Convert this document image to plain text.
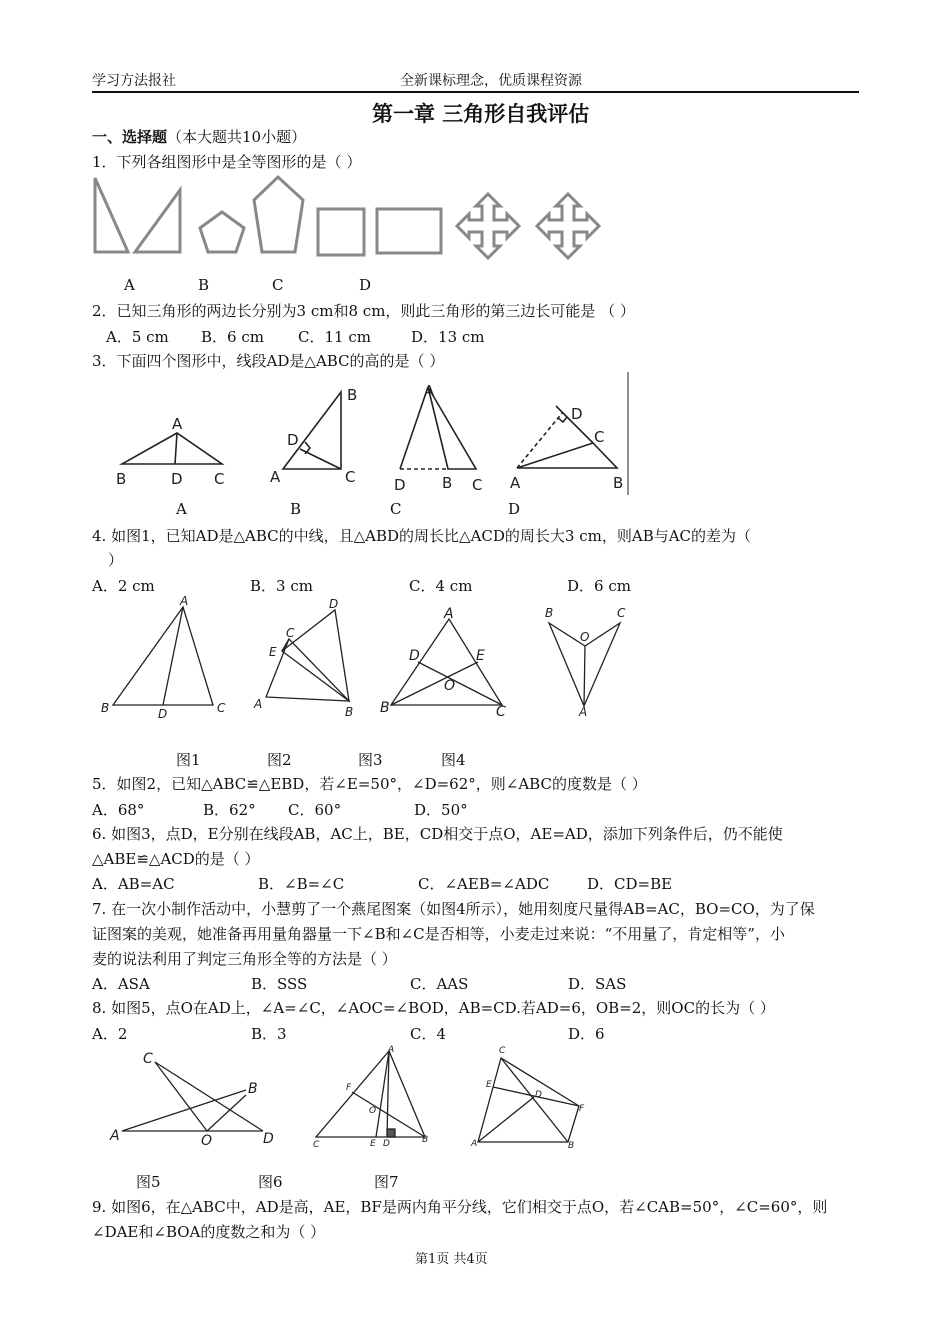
学习方法报社	全新课标理念，优质课程资源
第一章 三角形自我评估
一、选择题（本大题共10小题）
1．下列各组图形中是全等图形的是（ ）
A	B	C	D
2．已知三角形的两边长分别为3 cm和8 cm，则此三角形的第三边长可能是 （ ）
A．5 cm B．6 cm C．11 cm	D．13 cm
3．下面四个图形中，线段AD是△ABC的高的是（ ）
A
B	D C
B
D
A	C
A
D B C
D
C
A	B
A	B	C	D
4. 如图1，已知AD是△ABC的中线，且△ABD的周长比△ACD的周长大3 cm，则AB与AC的差为（
）
A．2 cm	B．3 cm	C．4 cm	D．6 cm
A
B	D	C
D
C
E
A
B
A
D	E
O
B	C
B	C
O
A
图1	图2	图3	图4
5．如图2，已知△ABC≌△EBD，若∠E=50°，∠D=62°，则∠ABC的度数是（ ）
A．68°	B．62° C．60°	D．50°
6. 如图3，点D，E分别在线段AB，AC上，BE，CD相交于点O，AE=AD，添加下列条件后，仍不能使
△ABE≌△ACD的是（ ）
A．AB=AC	B．∠B=∠C	C．∠AEB=∠ADC	D．CD=BE
7. 在一次小制作活动中，小慧剪了一个燕尾图案（如图4所示），她用刻度尺量得AB=AC，BO=CO，为了保
证图案的美观，她准备再用量角器量一下∠B和∠C是否相等，小麦走过来说：“不用量了，肯定相等”，小
麦的说法利用了判定三角形全等的方法是（ ）
A．ASA	B．SSS	C．AAS	D．SAS
8. 如图5，点O在AD上，∠A=∠C，∠AOC=∠BOD，AB=CD.若AD=6，OB=2，则OC的长为（ ）
A．2	B．3	C．4	D．6
C
B
A	O	D
A
F
O
C	E D	B
C
E
D
F
A	B
图5	图6	图7
9. 如图6，在△ABC中，AD是高，AE，BF是两内角平分线，它们相交于点O，若∠CAB=50°，∠C=60°，则
∠DAE和∠BOA的度数之和为（ ）
第1页 共4页
